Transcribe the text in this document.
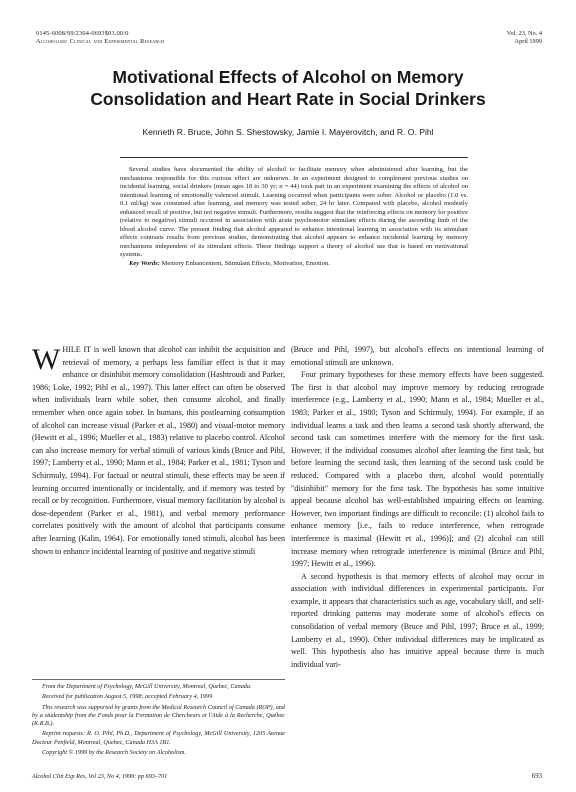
0145-6008/99/2304-0693$03.00/0
Alcoholism: Clinical and Experimental Research
Vol. 23, No. 4
April 1999
Motivational Effects of Alcohol on Memory
Consolidation and Heart Rate in Social Drinkers
Kenneth R. Bruce, John S. Shestowsky, Jamie I. Mayerovitch, and R. O. Pihl

Several studies have documented the ability of alcohol to facilitate memory when administered after learning, but the mechanisms responsible for this curious effect are unknown. In an experiment designed to complement previous studies on incidental learning, social drinkers (mean ages 18 to 30 yr; n = 44) took part in an experiment examining the effects of alcohol on intentional learning of emotionally valenced stimuli. Learning occurred when participants were sober. Alcohol or placebo (1.0 vs. 0.1 ml/kg) was consumed after learning, and memory was tested sober, 24 hr later. Compared with placebo, alcohol modestly enhanced recall of positive, but not negative stimuli. Furthermore, results suggest that the reinforcing effects on memory for positive (relative to negative) stimuli occurred in association with acute psychomotor stimulant effects during the ascending limb of the blood alcohol curve. The present finding that alcohol appeared to enhance intentional learning in association with its stimulant effects contrasts results from previous studies, demonstrating that alcohol appears to enhance incidental learning by memory mechanisms independent of its stimulant effects. These findings support a theory of alcohol use that is based on motivational systems.

Key Words: Memory Enhancement, Stimulant Effects, Motivation, Emotion.

WHILE IT is well known that alcohol can inhibit the acquisition and retrieval of memory, a perhaps less familiar effect is that it may enhance or disinhibit memory consolidation (Hashtroudi and Parker, 1986; Loke, 1992; Pihl et al., 1997). This latter effect can often be observed when individuals learn while sober, then consume alcohol, and finally remember when once again sober. In humans, this postlearning consumption of alcohol can increase visual (Parker et al., 1980) and visual-motor memory (Hewitt et al., 1996; Mueller et al., 1983) relative to placebo control. Alcohol can also increase memory for verbal stimuli of various kinds (Bruce and Pihl, 1997; Lamberty et al., 1990; Mann et al., 1984; Parker et al., 1981; Tyson and Schirmuly, 1994). For factual or neutral stimuli, these effects may be seen if learning occurred intentionally or incidentally, and if memory was tested by recall or by recognition. Furthermore, visual memory facilitation by alcohol is dose-dependent (Parker et al., 1981), and verbal memory performance correlates positively with the amount of alcohol that participants consume after learning (Kalin, 1964). For emotionally toned stimuli, alcohol has been shown to enhance incidental learning of positive and negative stimuli

(Bruce and Pihl, 1997), but alcohol's effects on intentional learning of emotional stimuli are unknown.

Four primary hypotheses for these memory effects have been suggested. The first is that alcohol may improve memory by reducing retrograde interference (e.g., Lamberty et al., 1990; Mann et al., 1984; Mueller et al., 1983; Parker et al., 1980; Tyson and Schirmuly, 1994). For example, if an individual learns a task and then learns a second task shortly afterward, the second task can sometimes interfere with the memory for the first task. However, if the individual consumes alcohol after learning the first task, but before learning the second task, then learning of the second task could be reduced. Compared with a placebo then, alcohol would potentially "disinhibit" memory for the first task. The hypothesis has some intuitive appeal because alcohol has well-established impairing effects on learning. However, two important findings are difficult to reconcile: (1) alcohol fails to enhance memory [i.e., fails to reduce interference, when retrograde interference is maximal (Hewitt et al., 1996)]; and (2) alcohol can still increase memory when retrograde interference is minimal (Bruce and Pihl, 1997; Hewitt et al., 1996).

A second hypothesis is that memory effects of alcohol may occur in association with individual differences in experimental participants. For example, it appears that characteristics such as age, vocabulary skill, and self-reported drinking patterns may moderate some of alcohol's effects on consolidation of verbal memory (Bruce and Pihl, 1997; Bruce et al., 1999; Lamberty et al., 1990). Other individual differences may be implicated as well. This hypothesis also has intuitive appeal because there is much individual vari-

From the Department of Psychology, McGill University, Montreal, Quebec, Canada.

Received for publication August 5, 1998; accepted February 4, 1999

This research was supported by grants from the Medical Research Council of Canada (ROP), and by a studentship from the Fonds pour la Formation de Chercheurs et l'Aide à la Recherche, Québec (K.R.B.).

Reprint requests: R. O. Pihl, Ph.D., Department of Psychology, McGill University, 1205 Avenue Docteur Penfield, Montreal, Quebec, Canada H3A 1B1.

Copyright © 1999 by the Research Society on Alcoholism.

Alcohol Clin Exp Res, Vol 23, No 4, 1999: pp 693–701	693
